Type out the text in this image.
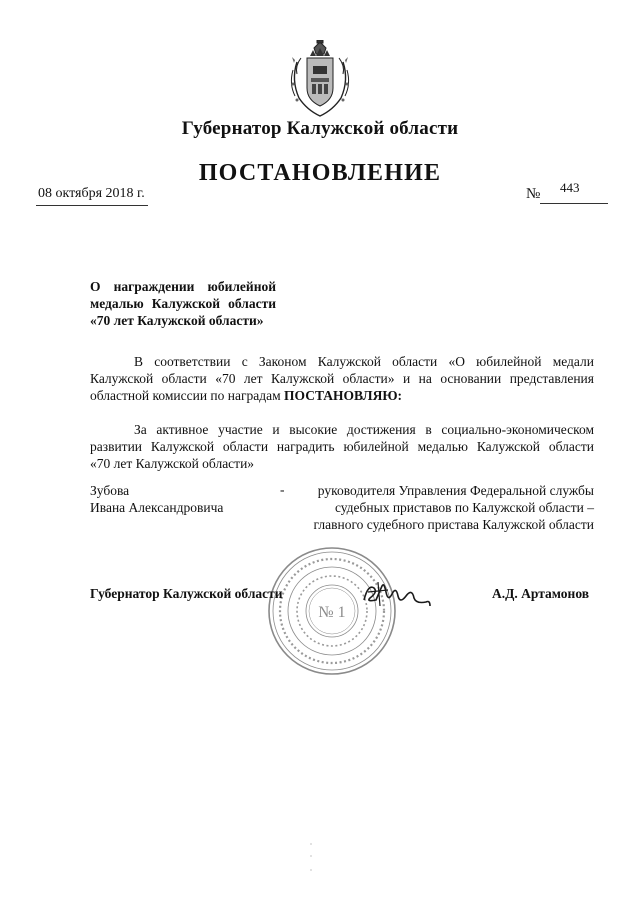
Губернатор Калужской области
ПОСТАНОВЛЕНИЕ
08 октября 2018 г.	№ 443
О награждении юбилейной
медалью Калужской области
«70 лет Калужской области»
В соответствии с Законом Калужской области «О юбилейной медали
Калужской области «70 лет Калужской области» и на основании представления
областной комиссии по наградам ПОСТАНОВЛЯЮ:
За активное участие и высокие достижения в социально-экономическом
развитии Калужской области наградить юбилейной медалью Калужской области
«70 лет Калужской области»
Зубова
Ивана Александровича
-	руководителя Управления Федеральной службы
судебных приставов по Калужской области –
главного судебного пристава Калужской области
№ 1
Губернатор Калужской области	А.Д. Артамонов
